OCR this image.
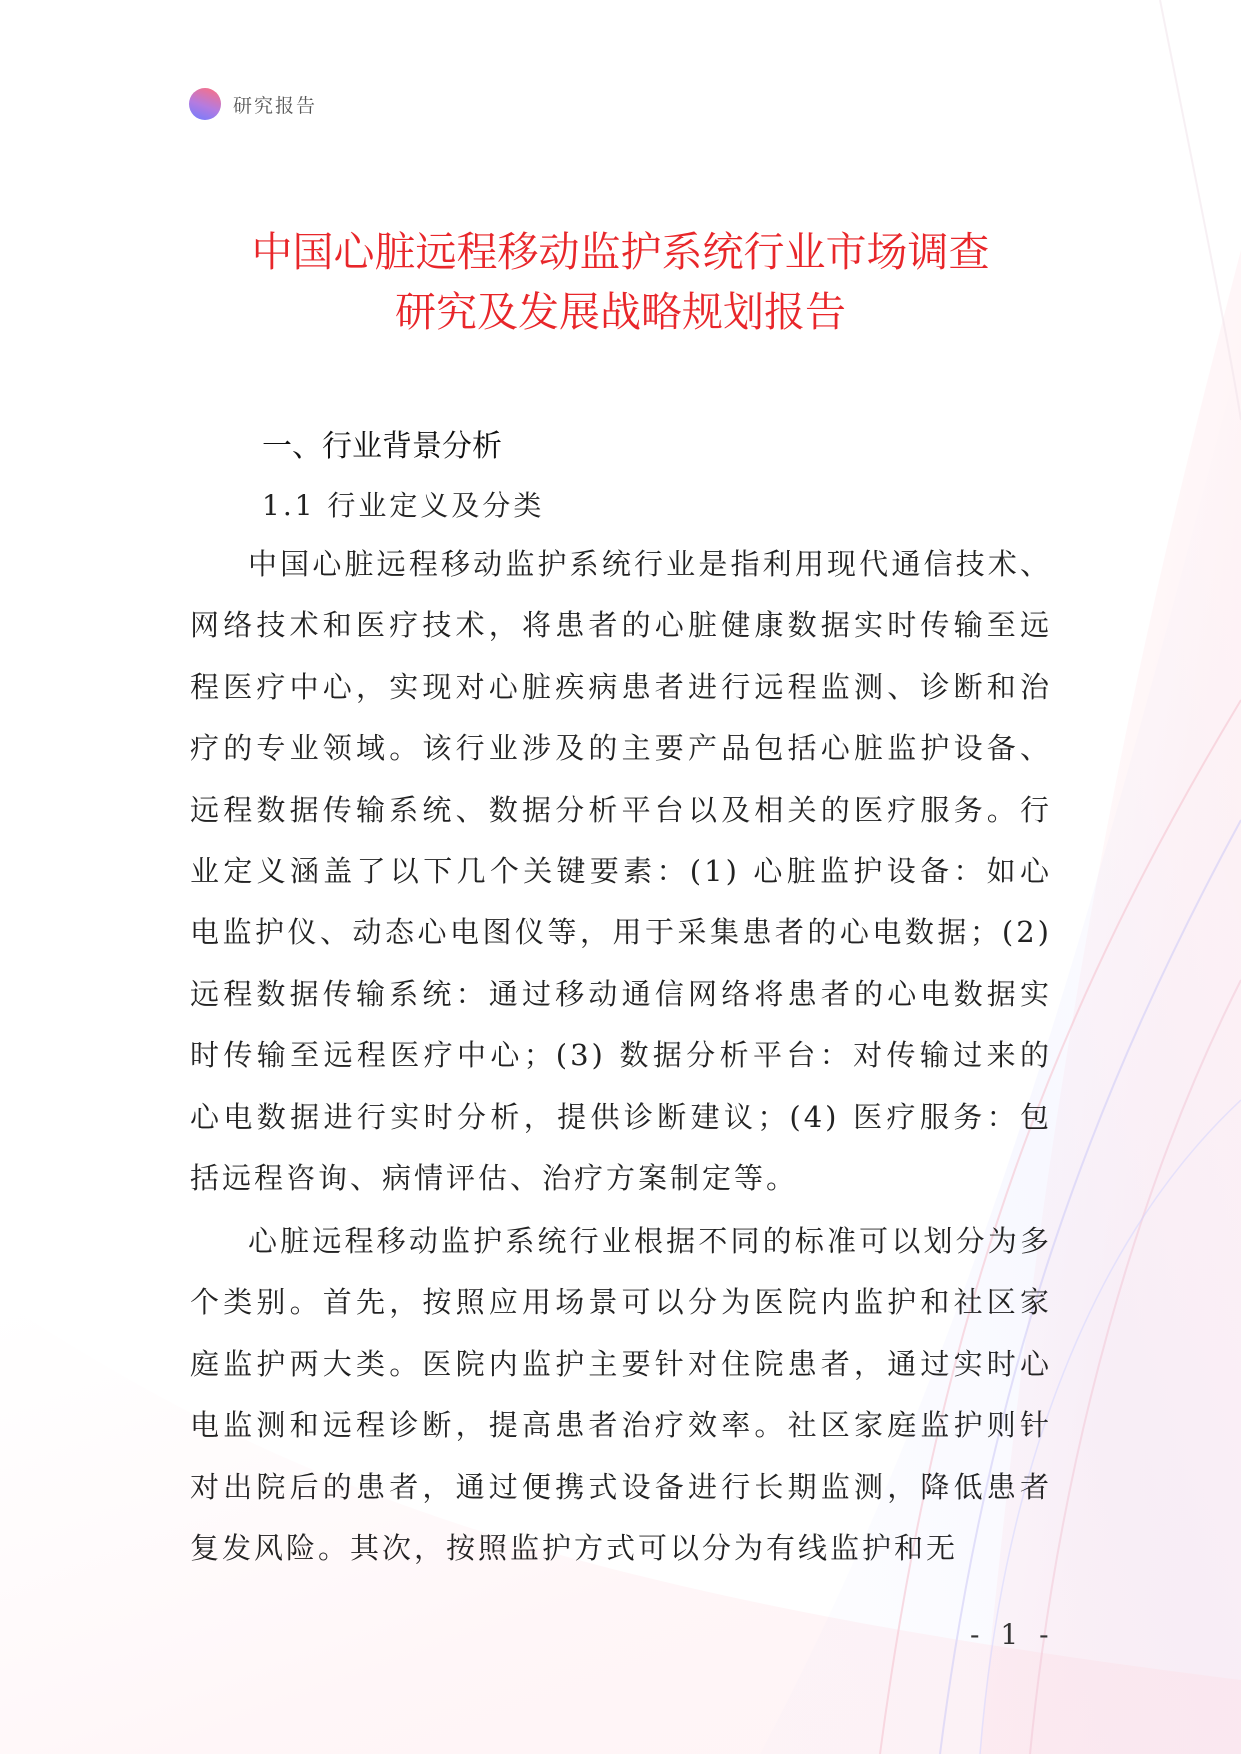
研究报告
中国心脏远程移动监护系统行业市场调查
研究及发展战略规划报告
一、行业背景分析
1.1 行业定义及分类

中国心脏远程移动监护系统行业是指利用现代通信技术、网络技术和医疗技术，将患者的心脏健康数据实时传输至远程医疗中心，实现对心脏疾病患者进行远程监测、诊断和治疗的专业领域。该行业涉及的主要产品包括心脏监护设备、远程数据传输系统、数据分析平台以及相关的医疗服务。行业定义涵盖了以下几个关键要素：(1) 心脏监护设备：如心电监护仪、动态心电图仪等，用于采集患者的心电数据；(2) 远程数据传输系统：通过移动通信网络将患者的心电数据实时传输至远程医疗中心；(3) 数据分析平台：对传输过来的心电数据进行实时分析，提供诊断建议；(4) 医疗服务：包括远程咨询、病情评估、治疗方案制定等。

心脏远程移动监护系统行业根据不同的标准可以划分为多个类别。首先，按照应用场景可以分为医院内监护和社区家庭监护两大类。医院内监护主要针对住院患者，通过实时心电监测和远程诊断，提高患者治疗效率。社区家庭监护则针对出院后的患者，通过便携式设备进行长期监测，降低患者复发风险。其次，按照监护方式可以分为有线监护和无

- 1 -
